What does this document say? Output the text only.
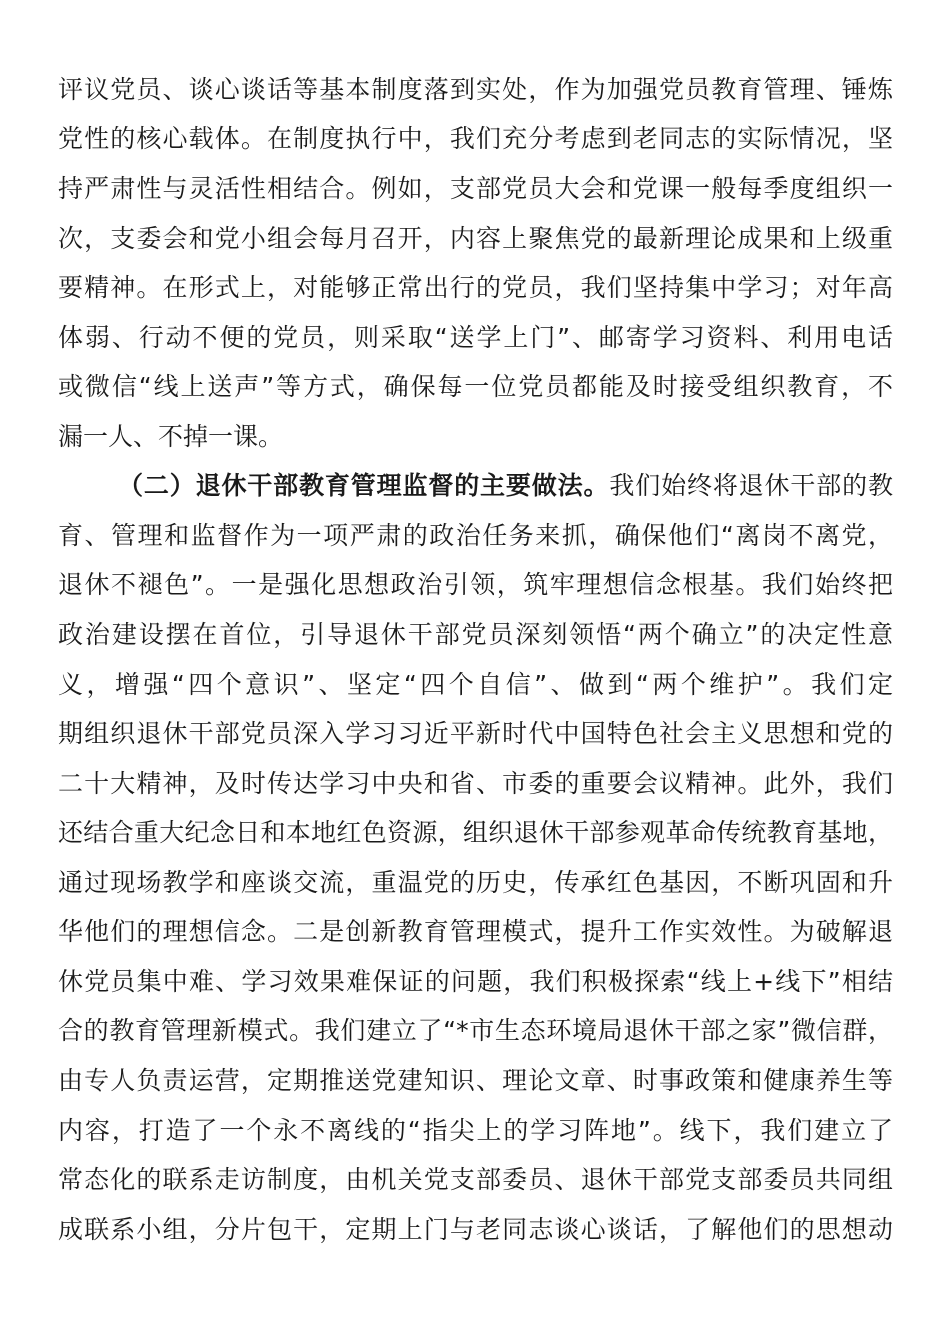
评议党员、谈心谈话等基本制度落到实处，作为加强党员教育管理、锤炼
党性的核心载体。在制度执行中，我们充分考虑到老同志的实际情况，坚
持严肃性与灵活性相结合。例如，支部党员大会和党课一般每季度组织一
次，支委会和党小组会每月召开，内容上聚焦党的最新理论成果和上级重
要精神。在形式上，对能够正常出行的党员，我们坚持集中学习；对年高
体弱、行动不便的党员，则采取“送学上门”、邮寄学习资料、利用电话
或微信“线上送声”等方式，确保每一位党员都能及时接受组织教育，不
漏一人、不掉一课。
（二）退休干部教育管理监督的主要做法。我们始终将退休干部的教
育、管理和监督作为一项严肃的政治任务来抓，确保他们“离岗不离党，
退休不褪色”。一是强化思想政治引领，筑牢理想信念根基。我们始终把
政治建设摆在首位，引导退休干部党员深刻领悟“两个确立”的决定性意
义，增强“四个意识”、坚定“四个自信”、做到“两个维护”。我们定
期组织退休干部党员深入学习习近平新时代中国特色社会主义思想和党的
二十大精神，及时传达学习中央和省、市委的重要会议精神。此外，我们
还结合重大纪念日和本地红色资源，组织退休干部参观革命传统教育基地，
通过现场教学和座谈交流，重温党的历史，传承红色基因，不断巩固和升
华他们的理想信念。二是创新教育管理模式，提升工作实效性。为破解退
休党员集中难、学习效果难保证的问题，我们积极探索“线上+线下”相结
合的教育管理新模式。我们建立了“*市生态环境局退休干部之家”微信群，
由专人负责运营，定期推送党建知识、理论文章、时事政策和健康养生等
内容，打造了一个永不离线的“指尖上的学习阵地”。线下，我们建立了
常态化的联系走访制度，由机关党支部委员、退休干部党支部委员共同组
成联系小组，分片包干，定期上门与老同志谈心谈话，了解他们的思想动
